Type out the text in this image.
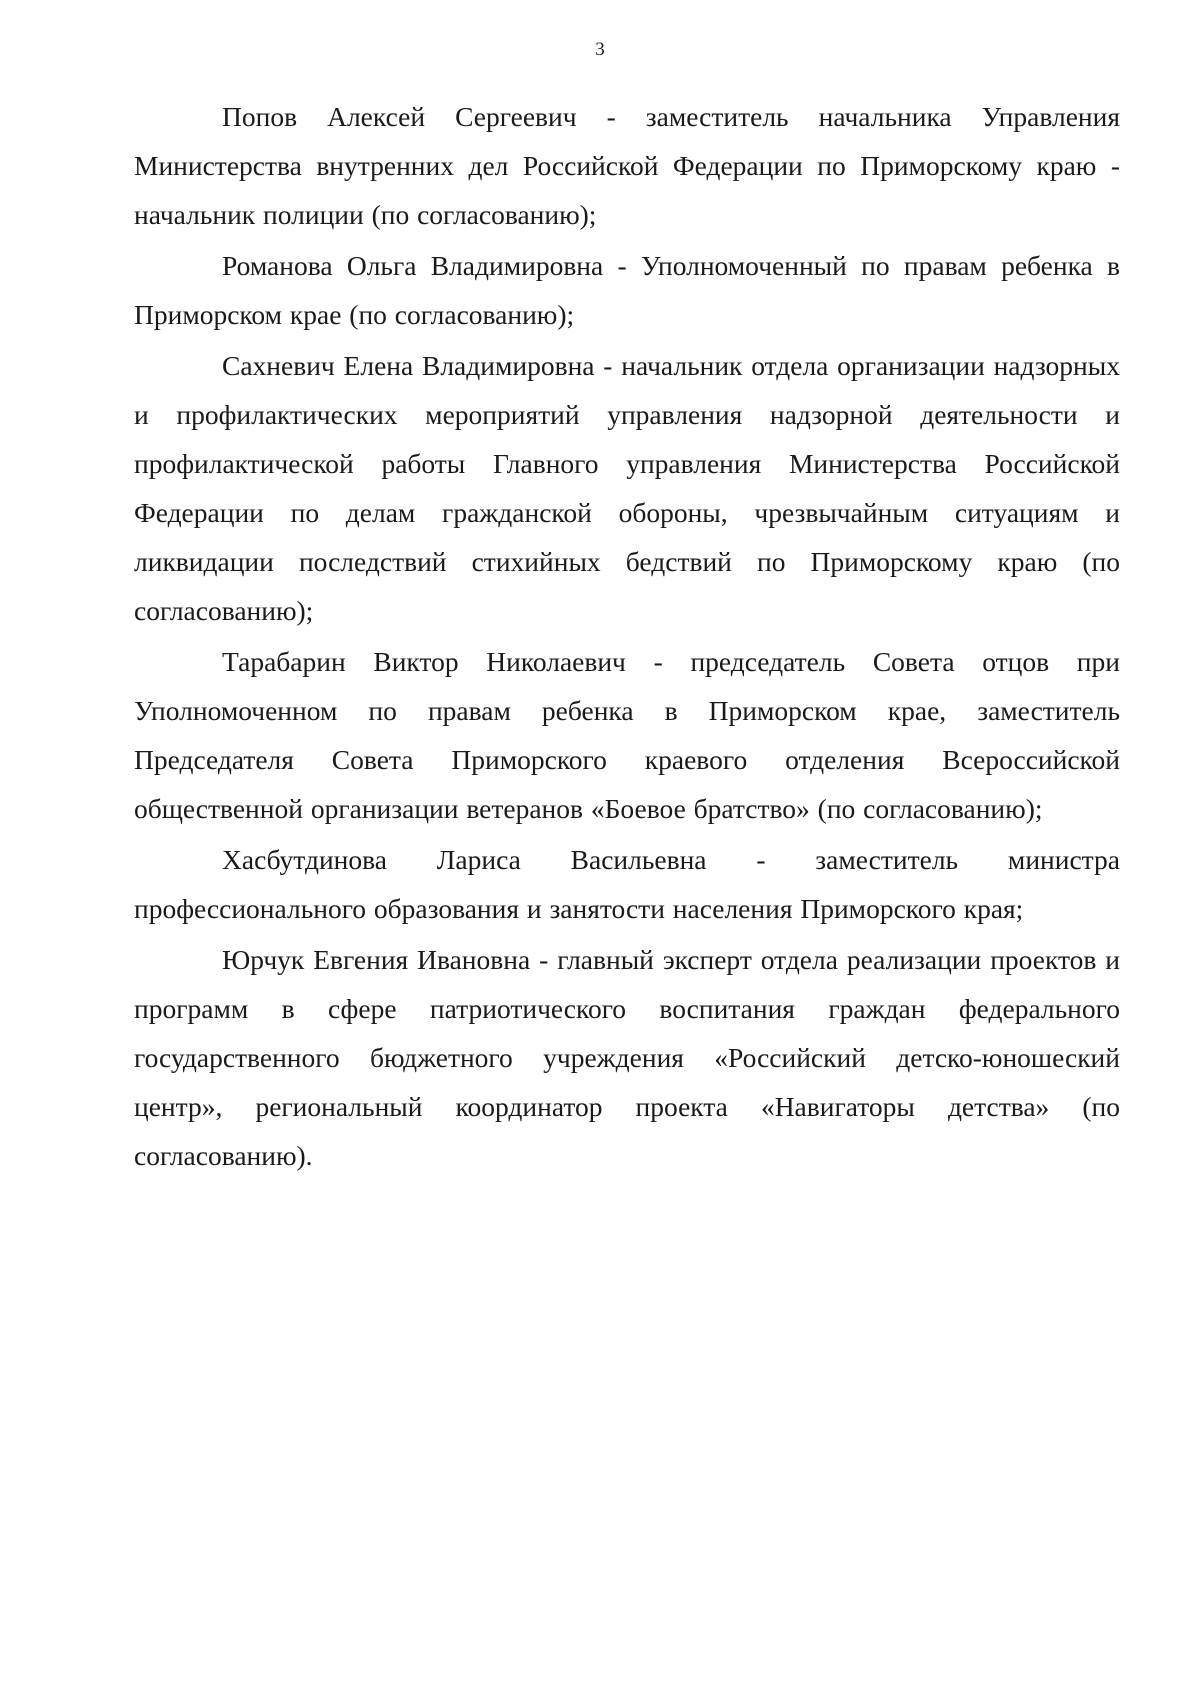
3

Попов Алексей Сергеевич - заместитель начальника Управления Министерства внутренних дел Российской Федерации по Приморскому краю - начальник полиции (по согласованию);

Романова Ольга Владимировна - Уполномоченный по правам ребенка в Приморском крае (по согласованию);

Сахневич Елена Владимировна - начальник отдела организации надзорных и профилактических мероприятий управления надзорной деятельности и профилактической работы Главного управления Министерства Российской Федерации по делам гражданской обороны, чрезвычайным ситуациям и ликвидации последствий стихийных бедствий по Приморскому краю (по согласованию);

Тарабарин Виктор Николаевич - председатель Совета отцов при Уполномоченном по правам ребенка в Приморском крае, заместитель Председателя Совета Приморского краевого отделения Всероссийской общественной организации ветеранов «Боевое братство» (по согласованию);

Хасбутдинова Лариса Васильевна - заместитель министра профессионального образования и занятости населения Приморского края;

Юрчук Евгения Ивановна - главный эксперт отдела реализации проектов и программ в сфере патриотического воспитания граждан федерального государственного бюджетного учреждения «Российский детско-юношеский центр», региональный координатор проекта «Навигаторы детства» (по согласованию).
